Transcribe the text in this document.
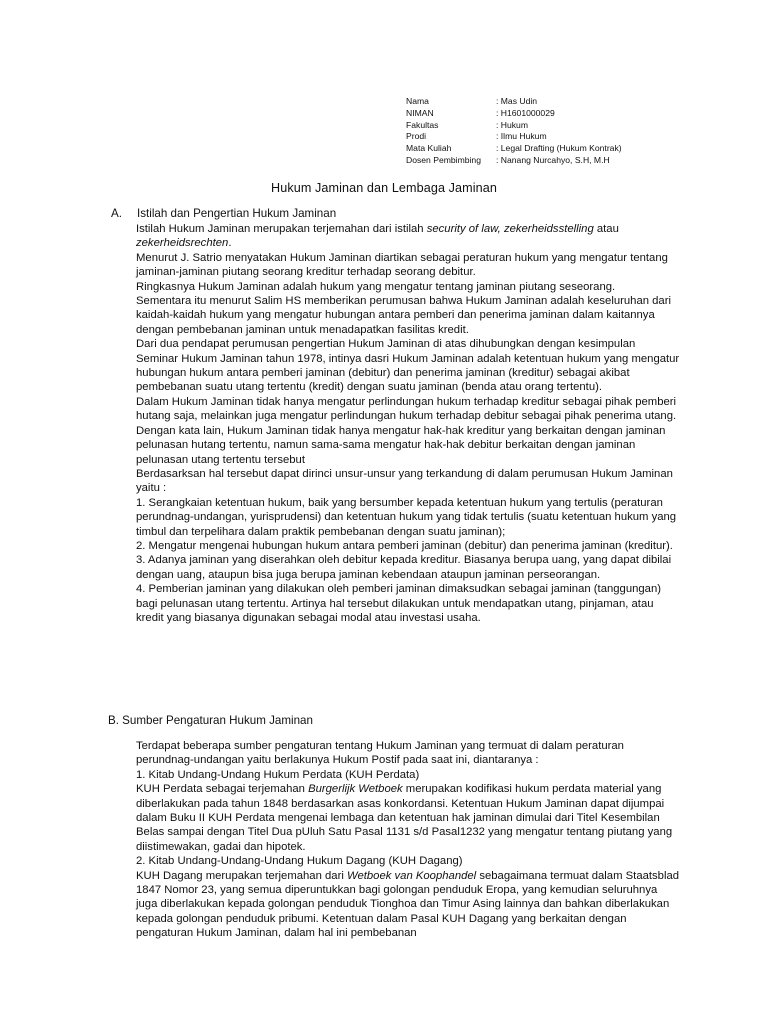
Nama	: Mas Udin
NIMAN	: H1601000029
Fakultas	: Hukum
Prodi	: Ilmu Hukum
Mata Kuliah	: Legal Drafting (Hukum Kontrak)
Dosen Pembimbing	: Nanang Nurcahyo, S.H, M.H
Hukum Jaminan dan Lembaga Jaminan
A. Istilah dan Pengertian Hukum Jaminan

Istilah Hukum Jaminan merupakan terjemahan dari istilah security of law, zekerheidsstelling atau zekerheidsrechten.

Menurut J. Satrio menyatakan Hukum Jaminan diartikan sebagai peraturan hukum yang mengatur tentang jaminan-jaminan piutang seorang kreditur terhadap seorang debitur.

Ringkasnya Hukum Jaminan adalah hukum yang mengatur tentang jaminan piutang seseorang.

Sementara itu menurut Salim HS memberikan perumusan bahwa Hukum Jaminan adalah keseluruhan dari kaidah-kaidah hukum yang mengatur hubungan antara pemberi dan penerima jaminan dalam kaitannya dengan pembebanan jaminan untuk menadapatkan fasilitas kredit.

Dari dua pendapat perumusan pengertian Hukum Jaminan di atas dihubungkan dengan kesimpulan Seminar Hukum Jaminan tahun 1978, intinya dasri Hukum Jaminan adalah ketentuan hukum yang mengatur hubungan hukum antara pemberi jaminan (debitur) dan penerima jaminan (kreditur) sebagai akibat pembebanan suatu utang tertentu (kredit) dengan suatu jaminan (benda atau orang tertentu).

Dalam Hukum Jaminan tidak hanya mengatur perlindungan hukum terhadap kreditur sebagai pihak pemberi hutang saja, melainkan juga mengatur perlindungan hukum terhadap debitur sebagai pihak penerima utang.

Dengan kata lain, Hukum Jaminan tidak hanya mengatur hak-hak kreditur yang berkaitan dengan jaminan pelunasan hutang tertentu, namun sama-sama mengatur hak-hak debitur berkaitan dengan jaminan pelunasan utang tertentu tersebut

Berdasarksan hal tersebut dapat dirinci unsur-unsur yang terkandung di dalam perumusan Hukum Jaminan yaitu :

1. Serangkaian ketentuan hukum, baik yang bersumber kepada ketentuan hukum yang tertulis (peraturan perundnag-undangan, yurisprudensi) dan ketentuan hukum yang tidak tertulis (suatu ketentuan hukum yang timbul dan terpelihara dalam praktik pembebanan dengan suatu jaminan);

2. Mengatur mengenai hubungan hukum antara pemberi jaminan (debitur) dan penerima jaminan (kreditur).

3. Adanya jaminan yang diserahkan oleh debitur kepada kreditur. Biasanya berupa uang, yang dapat dibilai dengan uang, ataupun bisa juga berupa jaminan kebendaan ataupun jaminan perseorangan.

4. Pemberian jaminan yang dilakukan oleh pemberi jaminan dimaksudkan sebagai jaminan (tanggungan) bagi pelunasan utang tertentu. Artinya hal tersebut dilakukan untuk mendapatkan utang, pinjaman, atau kredit yang biasanya digunakan sebagai modal atau investasi usaha.

B. Sumber Pengaturan Hukum Jaminan

Terdapat beberapa sumber pengaturan tentang Hukum Jaminan yang termuat di dalam peraturan perundnag-undangan yaitu berlakunya Hukum Postif pada saat ini, diantaranya :

1. Kitab Undang-Undang Hukum Perdata (KUH Perdata)

KUH Perdata sebagai terjemahan Burgerlijk Wetboek merupakan kodifikasi hukum perdata material yang diberlakukan pada tahun 1848 berdasarkan asas konkordansi. Ketentuan Hukum Jaminan dapat dijumpai dalam Buku II KUH Perdata mengenai lembaga dan ketentuan hak jaminan dimulai dari Titel Kesembilan Belas sampai dengan Titel Dua pUluh Satu Pasal 1131 s/d Pasal1232 yang mengatur tentang piutang yang diistimewakan, gadai dan hipotek.

2. Kitab Undang-Undang-Undang Hukum Dagang (KUH Dagang)

KUH Dagang merupakan terjemahan dari Wetboek van Koophandel sebagaimana termuat dalam Staatsblad 1847 Nomor 23, yang semua diperuntukkan bagi golongan penduduk Eropa, yang kemudian seluruhnya juga diberlakukan kepada golongan penduduk Tionghoa dan Timur Asing lainnya dan bahkan diberlakukan kepada golongan penduduk pribumi. Ketentuan dalam Pasal KUH Dagang yang berkaitan dengan pengaturan Hukum Jaminan, dalam hal ini pembebanan
